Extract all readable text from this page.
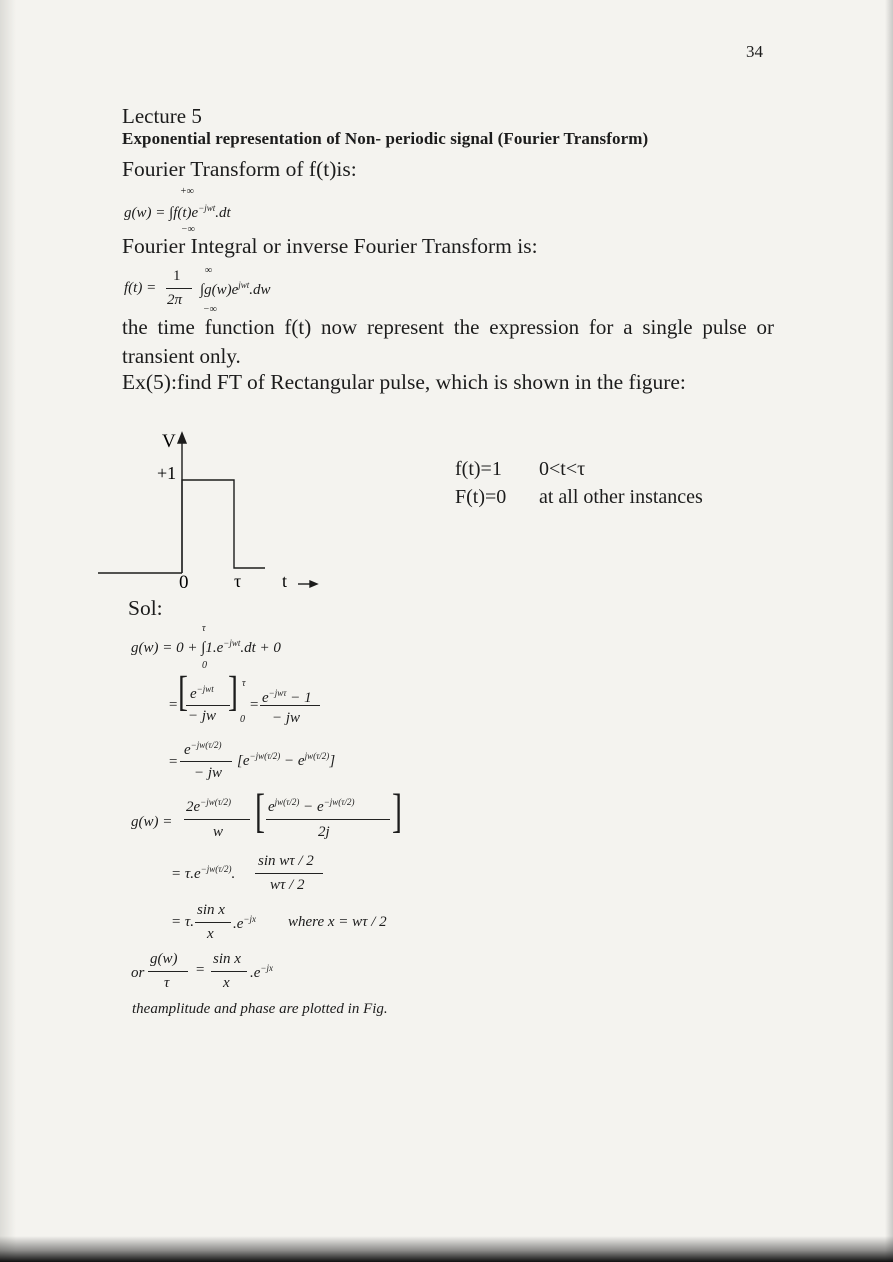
34
Lecture 5
Exponential representation of Non- periodic signal (Fourier Transform)
Fourier Transform of f(t)is:
+∞
$g(w) = \int f(t)e^{-jwt}.dt$
−∞
Fourier Integral or inverse Fourier Transform is:
∞
f(t) =
1
2π
$\int g(w)e^{jwt}.dw$
−∞
the time function f(t) now represent the expression for a single pulse or transient only.
Ex(5):find FT of Rectangular pulse, which is shown in the figure:
V
+1
0	τ t
f(t)=1 0<t<τ
F(t)=0 at all other instances
Sol:
τ
$g(w) = 0 + \int 1.e^{-jwt}.dt + 0$
0
= [ $e^{-jwt}$
− jw
] τ
0
= $e^{-jw\tau} - 1$
− jw
=
$e^{-jw(\tau/2)}$
− jw
$[e^{-jw(\tau/2)} - e^{jw(\tau/2)}]$
g(w) =
$2e^{-jw(\tau/2)}$
w [ $e^{jw(\tau/2)} - e^{-jw(\tau/2)}$
2j ]
= $\tau.e^{-jw(\tau/2)}$.
sin wτ / 2
wτ / 2
= τ.
sin x
x
$.e^{-jx}$ where x = wτ / 2
or
g(w)
τ
=
sin x
x
$.e^{-jx}$
theamplitude and phase are plotted in Fig.
